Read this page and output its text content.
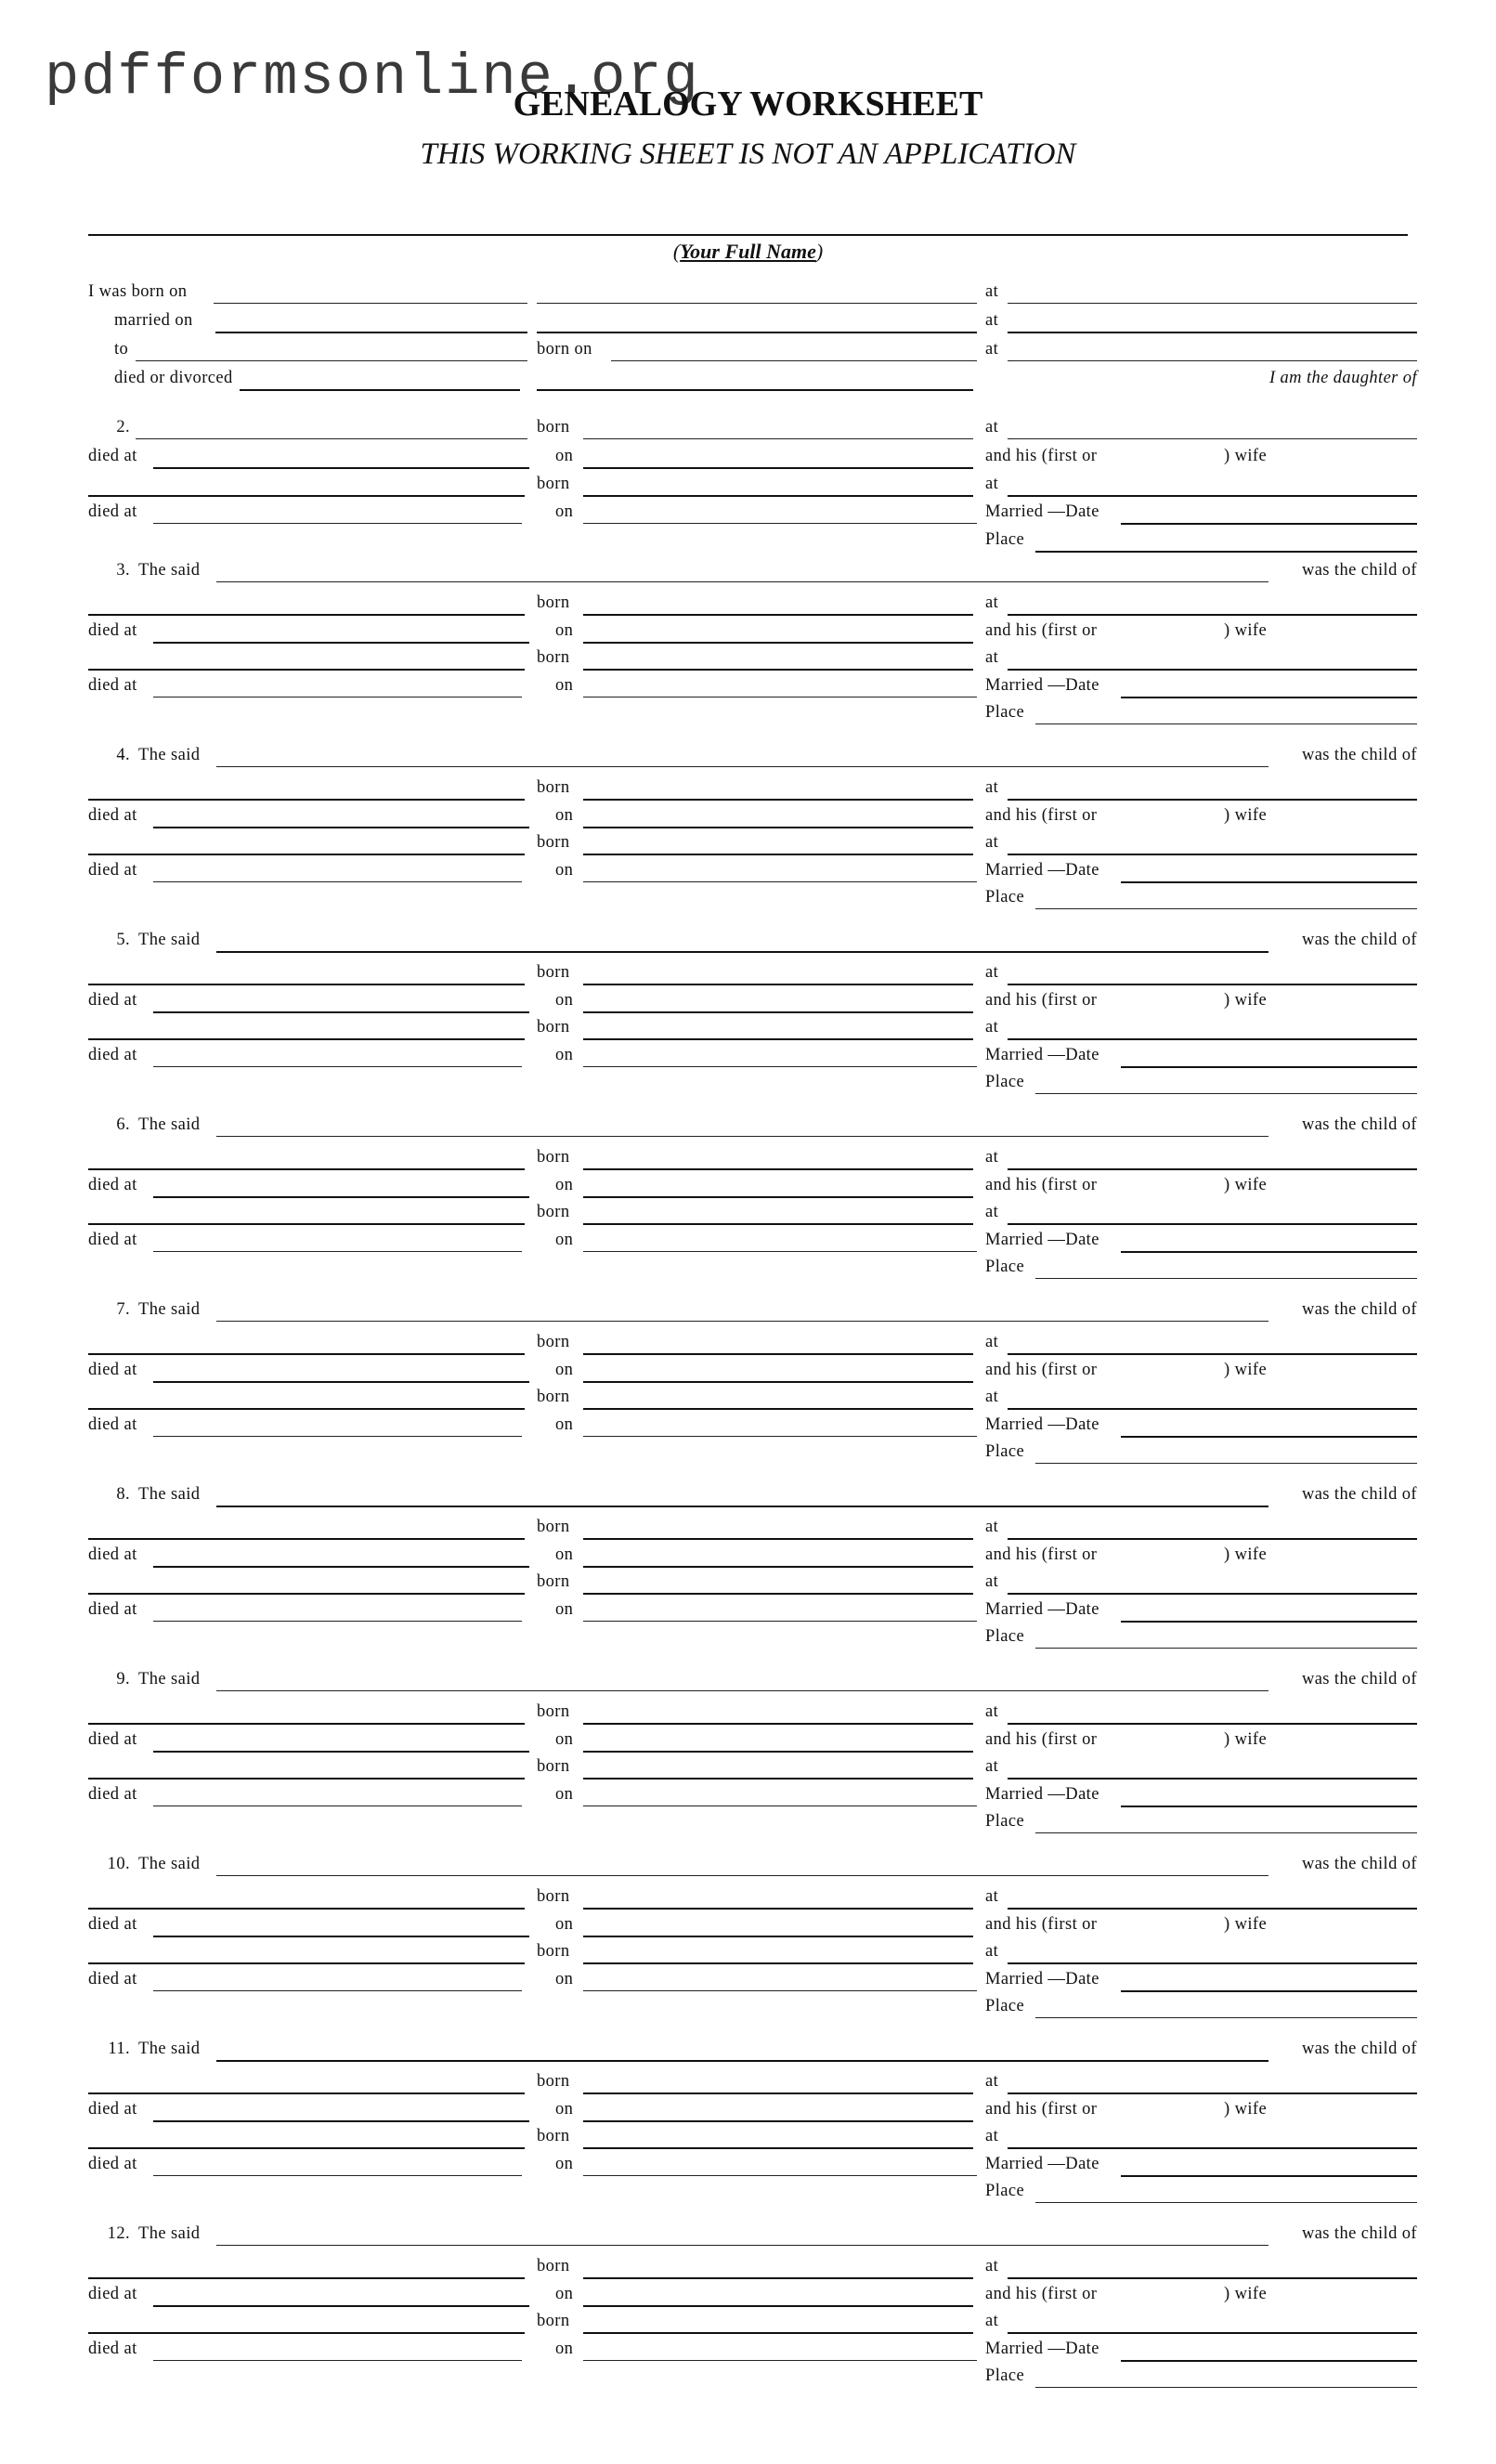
pdfformsonline.org
GENEALOGY WORKSHEET
THIS WORKING SHEET IS NOT AN APPLICATION
(Your Full Name)
I was born on	at
married on	at
to	born on	at
died or divorced	I am the daughter of
2.	born	at
died at	on	and his (first or	) wife
born	at
died at	on	Married —Date
Place
3. The said	was the child of
born	at
died at	on	and his (first or	) wife
born	at
died at	on	Married —Date
Place
4. The said	was the child of
born	at
died at	on	and his (first or	) wife
born	at
died at	on	Married —Date
Place
5. The said	was the child of
born	at
died at	on	and his (first or	) wife
born	at
died at	on	Married —Date
Place
6. The said	was the child of
born	at
died at	on	and his (first or	) wife
born	at
died at	on	Married —Date
Place
7. The said	was the child of
born	at
died at	on	and his (first or	) wife
born	at
died at	on	Married —Date
Place
8. The said	was the child of
born	at
died at	on	and his (first or	) wife
born	at
died at	on	Married —Date
Place
9. The said	was the child of
born	at
died at	on	and his (first or	) wife
born	at
died at	on	Married —Date
Place
10. The said	was the child of
born	at
died at	on	and his (first or	) wife
born	at
died at	on	Married —Date
Place
11. The said	was the child of
born	at
died at	on	and his (first or	) wife
born	at
died at	on	Married —Date
Place
12. The said	was the child of
born	at
died at	on	and his (first or	) wife
born	at
died at	on	Married —Date
Place
